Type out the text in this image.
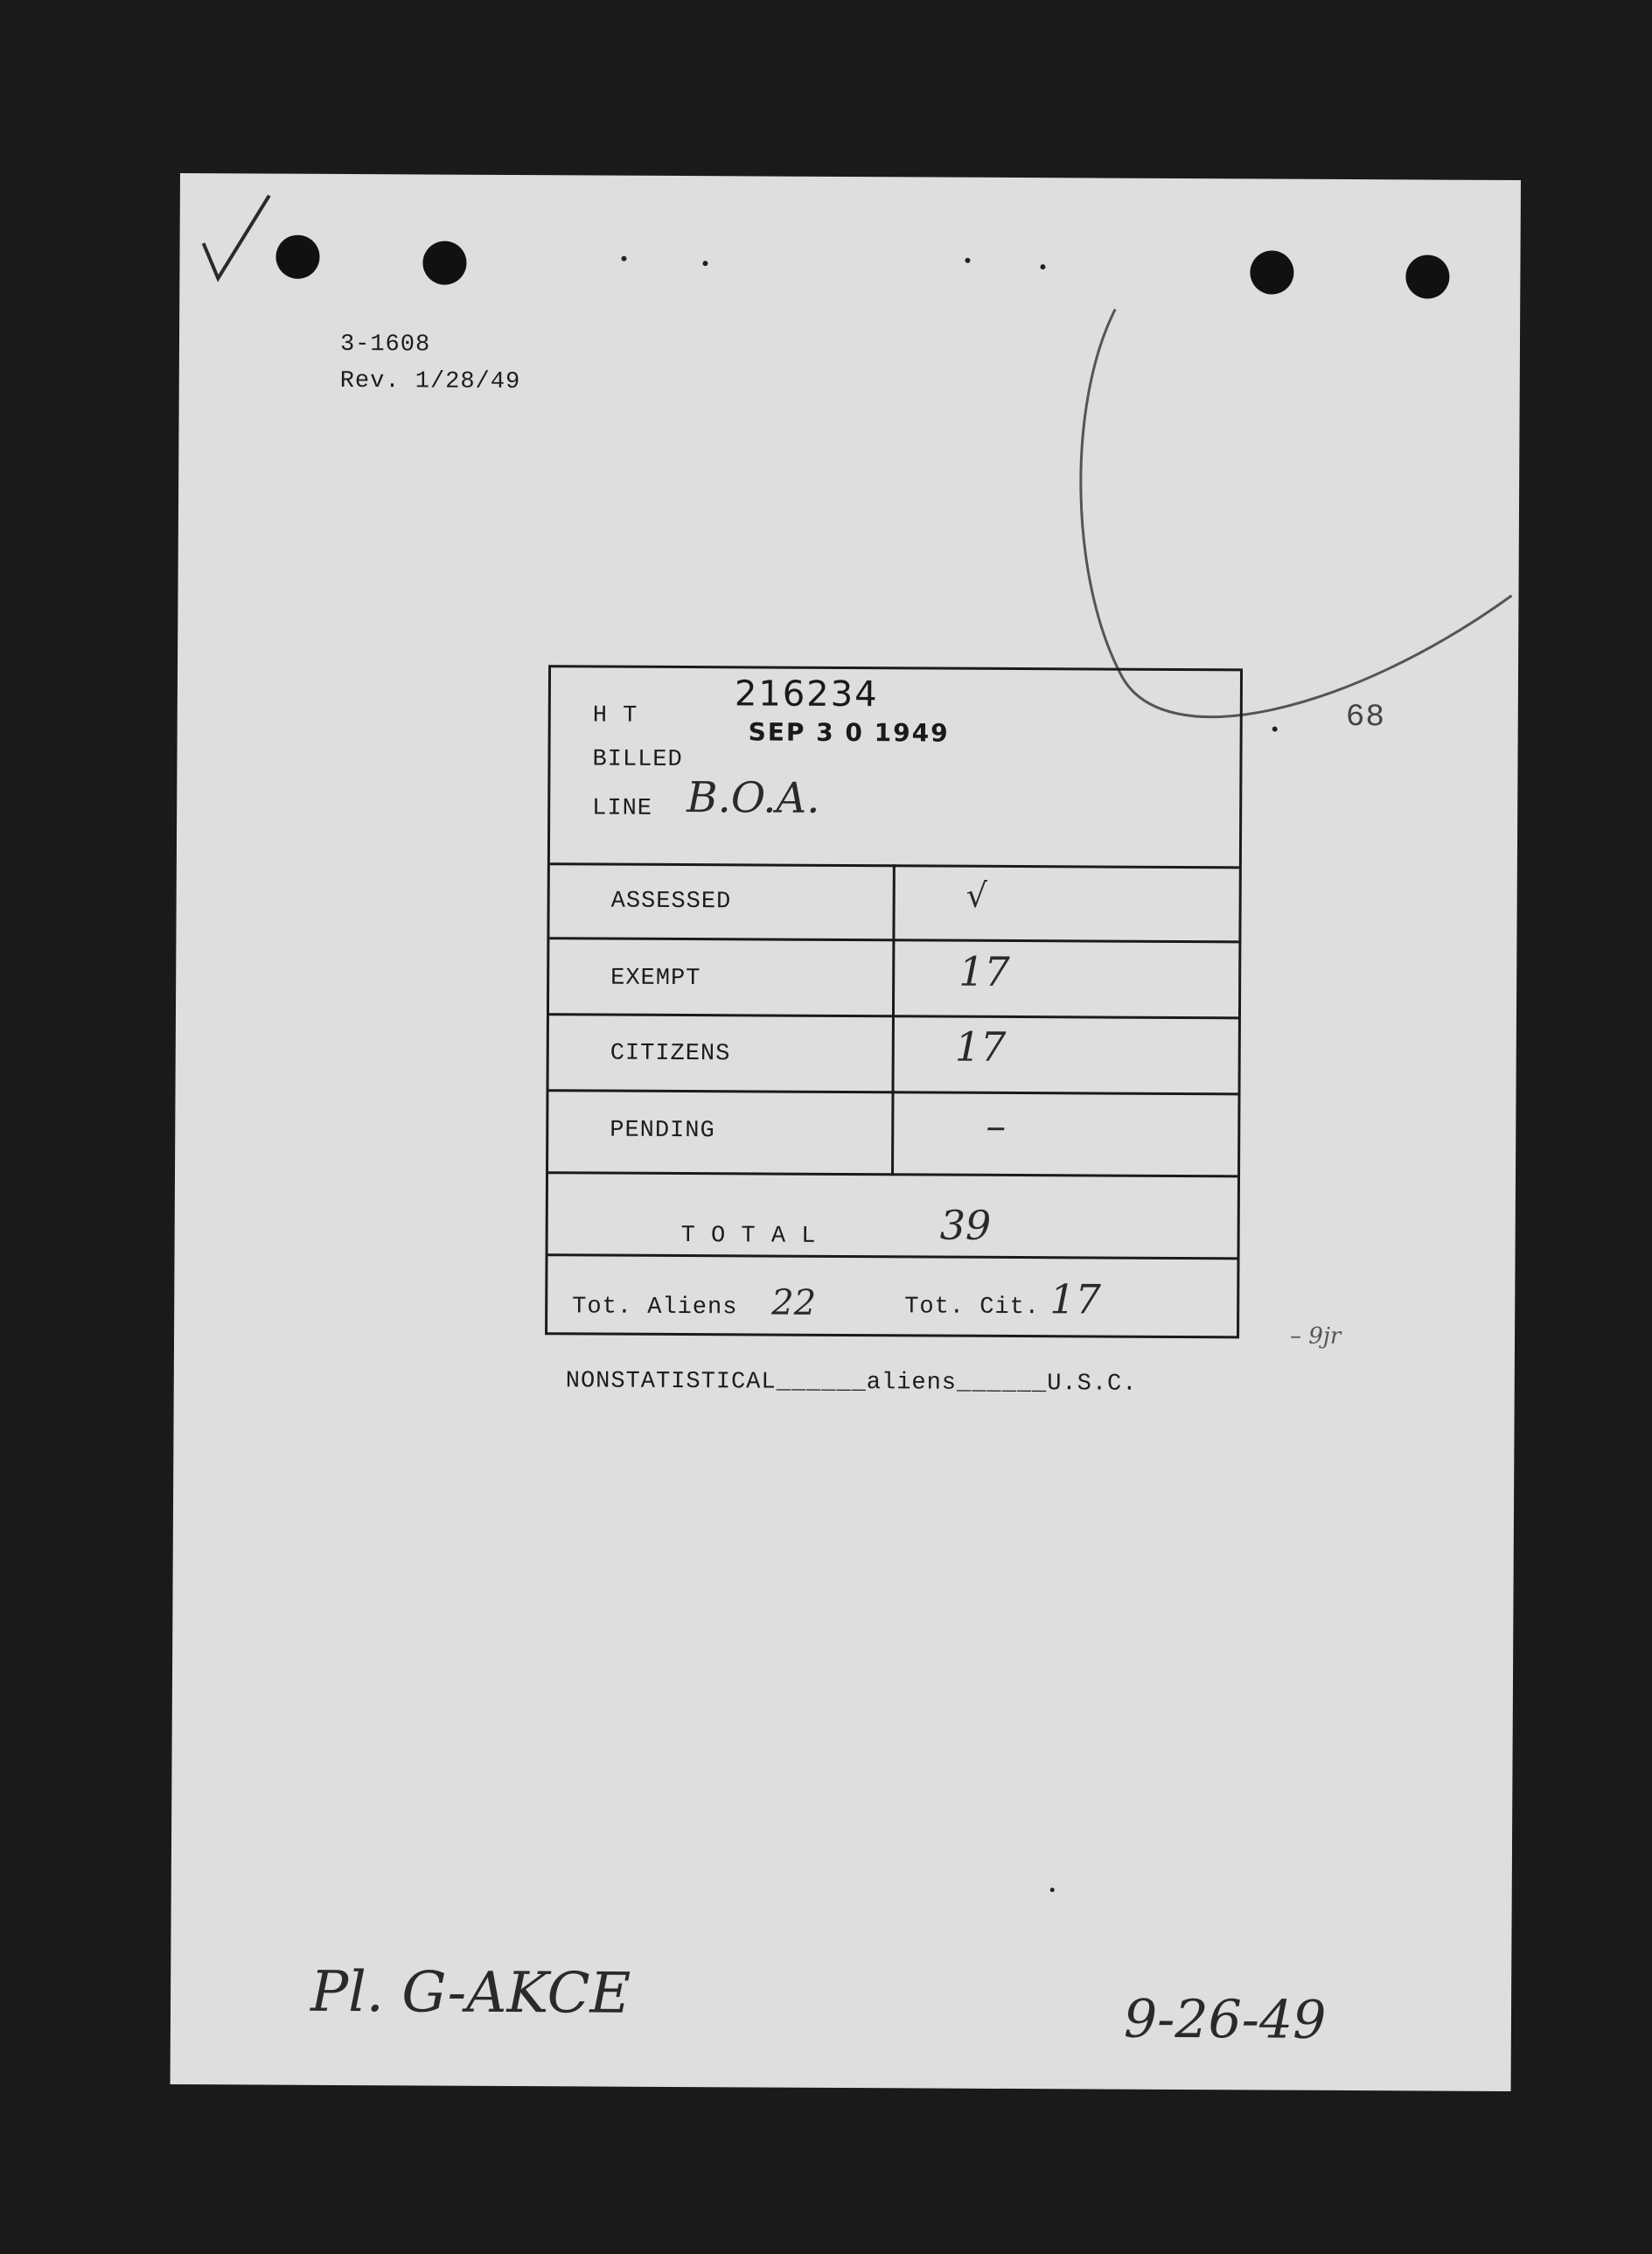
3-1608
Rev. 1/28/49
68
216234
SEP 3 0 1949
H T
BILLED
LINE B.O.A.
ASSESSED	√
EXEMPT	17
CITIZENS	17
PENDING	–
T O T A L	39
Tot. Aliens 22	Tot. Cit. 17
– 9jr
NONSTATISTICAL______aliens______U.S.C.
Pl. G-AKCE	9-26-49
